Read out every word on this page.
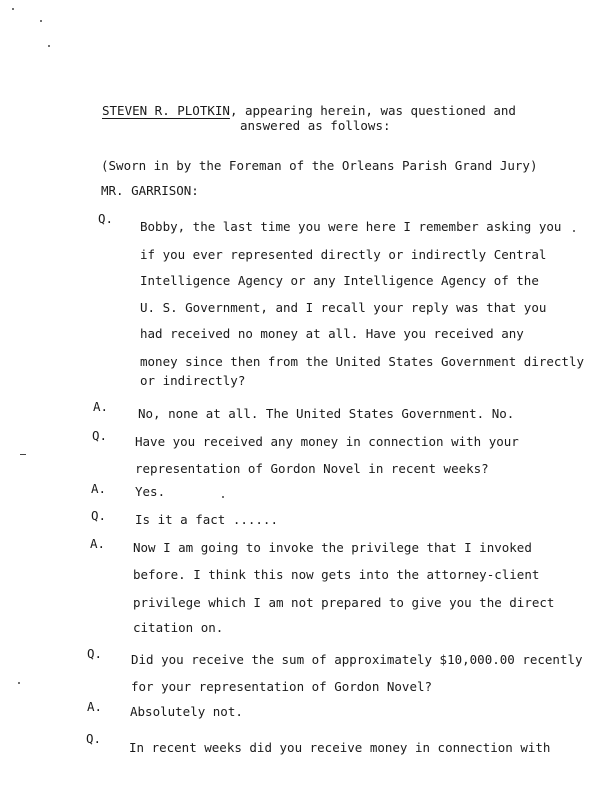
STEVEN R. PLOTKIN, appearing herein, was questioned and
answered as follows:
(Sworn in by the Foreman of the Orleans Parish Grand Jury)
MR. GARRISON:
Q.
Bobby, the last time you were here I remember asking you
if you ever represented directly or indirectly Central
Intelligence Agency or any Intelligence Agency of the
U. S. Government, and I recall your reply was that you
had received no money at all. Have you received any
money since then from the United States Government directly
or indirectly?
A. No, none at all. The United States Government. No.
Q. Have you received any money in connection with your
representation of Gordon Novel in recent weeks?
A. Yes.
Q. Is it a fact ......
A. Now I am going to invoke the privilege that I invoked
before. I think this now gets into the attorney-client
privilege which I am not prepared to give you the direct
citation on.
Q. Did you receive the sum of approximately $10,000.00 recently
for your representation of Gordon Novel?
A. Absolutely not.
Q.
In recent weeks did you receive money in connection with
